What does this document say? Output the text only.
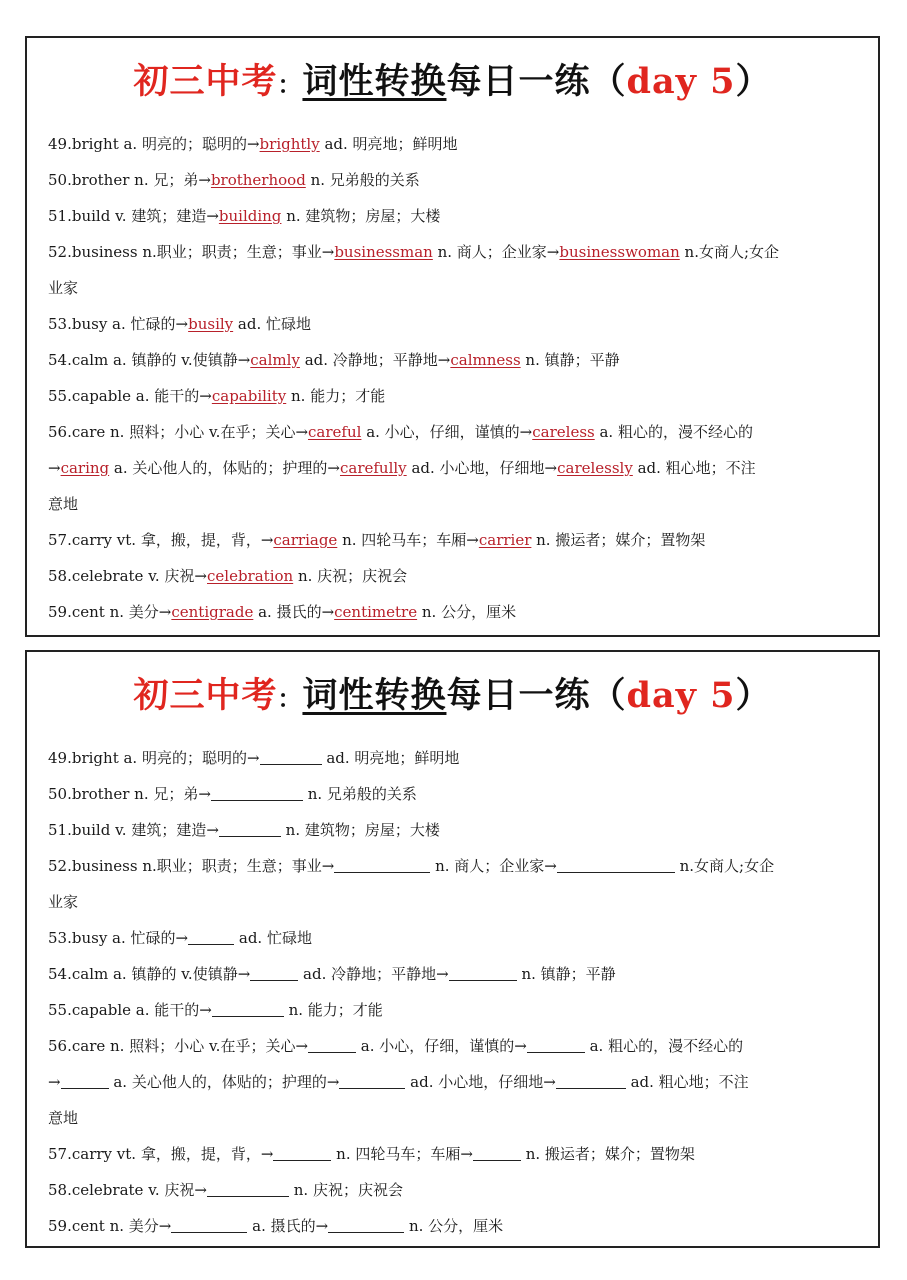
初三中考：词性转换每日一练（day 5）
49.bright a. 明亮的；聪明的→brightly ad. 明亮地；鲜明地
50.brother n. 兄；弟→brotherhood n. 兄弟般的关系
51.build v. 建筑；建造→building n. 建筑物；房屋；大楼
52.business n.职业；职责；生意；事业→businessman n. 商人；企业家→businesswoman n.女商人;女企
业家
53.busy a. 忙碌的→busily ad. 忙碌地
54.calm a. 镇静的 v.使镇静→calmly ad. 冷静地；平静地→calmness n. 镇静；平静
55.capable a. 能干的→capability n. 能力；才能
56.care n. 照料；小心 v.在乎；关心→careful a. 小心，仔细，谨慎的→careless a. 粗心的，漫不经心的
→caring a. 关心他人的，体贴的；护理的→carefully ad. 小心地，仔细地→carelessly ad. 粗心地；不注
意地
57.carry vt. 拿，搬，提，背，→carriage n. 四轮马车；车厢→carrier n. 搬运者；媒介；置物架
58.celebrate v. 庆祝→celebration n. 庆祝；庆祝会
59.cent n. 美分→centigrade a. 摄氏的→centimetre n. 公分，厘米
初三中考：词性转换每日一练（day 5）
49.bright a. 明亮的；聪明的→	ad. 明亮地；鲜明地
50.brother n. 兄；弟→	n. 兄弟般的关系
51.build v. 建筑；建造→	n. 建筑物；房屋；大楼
52.business n.职业；职责；生意；事业→	n. 商人；企业家→	n.女商人;女企
业家
53.busy a. 忙碌的→	ad. 忙碌地
54.calm a. 镇静的 v.使镇静→	ad. 冷静地；平静地→	n. 镇静；平静
55.capable a. 能干的→	n. 能力；才能
56.care n. 照料；小心 v.在乎；关心→	a. 小心，仔细，谨慎的→	a. 粗心的，漫不经心的
→	a. 关心他人的，体贴的；护理的→	ad. 小心地，仔细地→	ad. 粗心地；不注
意地
57.carry vt. 拿，搬，提，背，→	n. 四轮马车；车厢→	n. 搬运者；媒介；置物架
58.celebrate v. 庆祝→	n. 庆祝；庆祝会
59.cent n. 美分→	a. 摄氏的→	n. 公分，厘米
